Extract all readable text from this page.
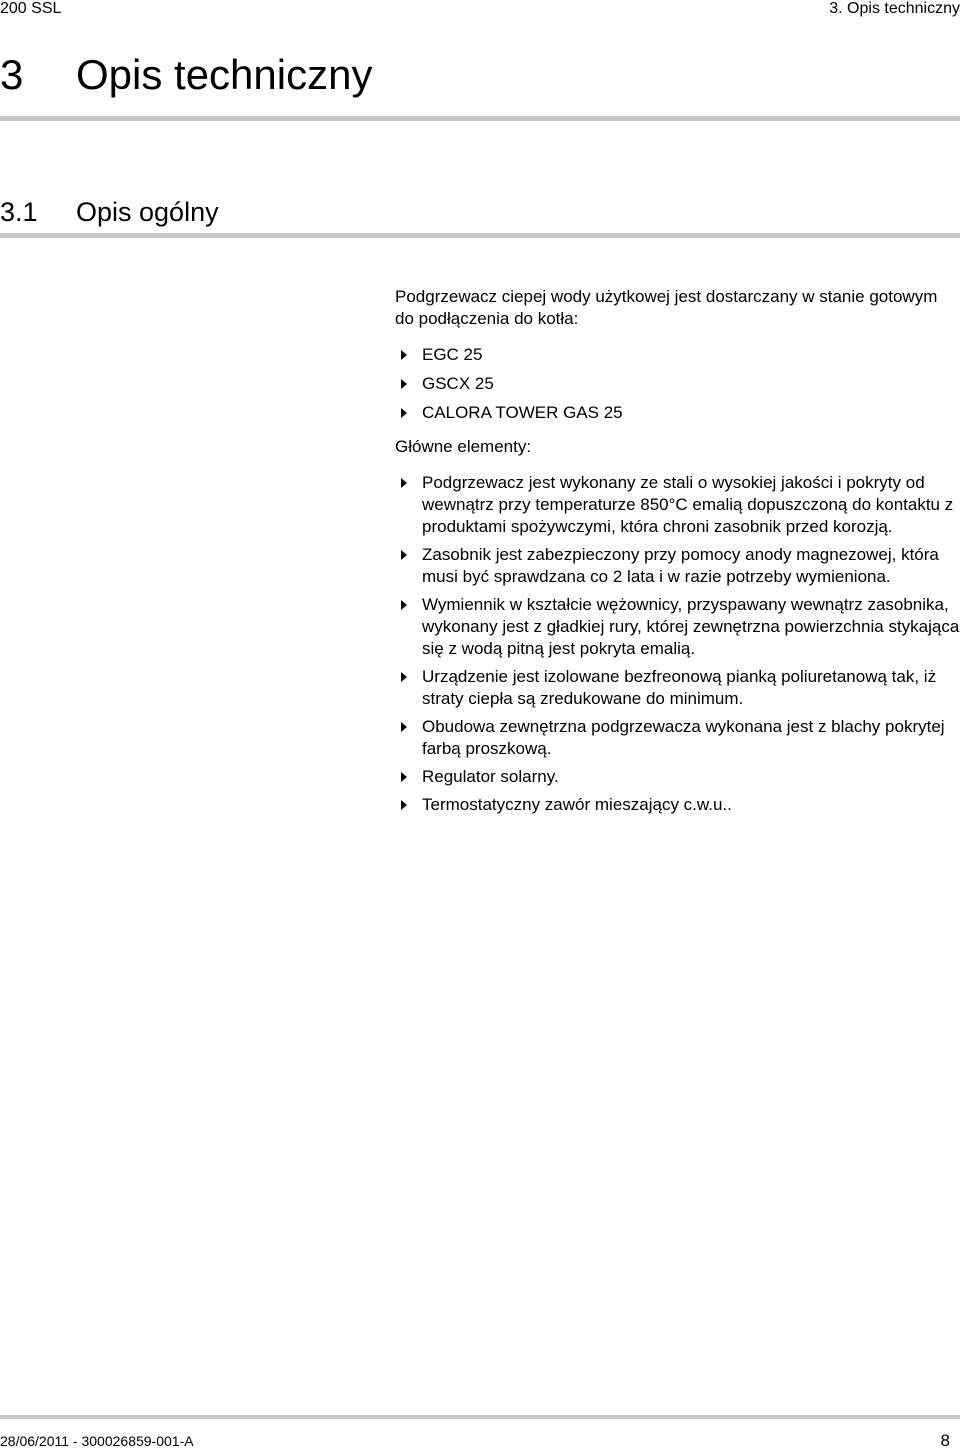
200 SSL	3. Opis techniczny
3 Opis techniczny
3.1 Opis ogólny

Podgrzewacz ciepej wody użytkowej jest dostarczany w stanie gotowym do podłączenia do kotła:

EGC 25
GSCX 25
CALORA TOWER GAS 25

Główne elementy:

Podgrzewacz jest wykonany ze stali o wysokiej jakości i pokryty od wewnątrz przy temperaturze 850°C emalią dopuszczoną do kontaktu z produktami spożywczymi, która chroni zasobnik przed korozją.
Zasobnik jest zabezpieczony przy pomocy anody magnezowej, która musi być sprawdzana co 2 lata i w razie potrzeby wymieniona.
Wymiennik w kształcie wężownicy, przyspawany wewnątrz zasobnika, wykonany jest z gładkiej rury, której zewnętrzna powierzchnia stykająca się z wodą pitną jest pokryta emalią.
Urządzenie jest izolowane bezfreonową pianką poliuretanową tak, iż straty ciepła są zredukowane do minimum.
Obudowa zewnętrzna podgrzewacza wykonana jest z blachy pokrytej farbą proszkową.
Regulator solarny.
Termostatyczny zawór mieszający c.w.u..
28/06/2011 - 300026859-001-A	8
